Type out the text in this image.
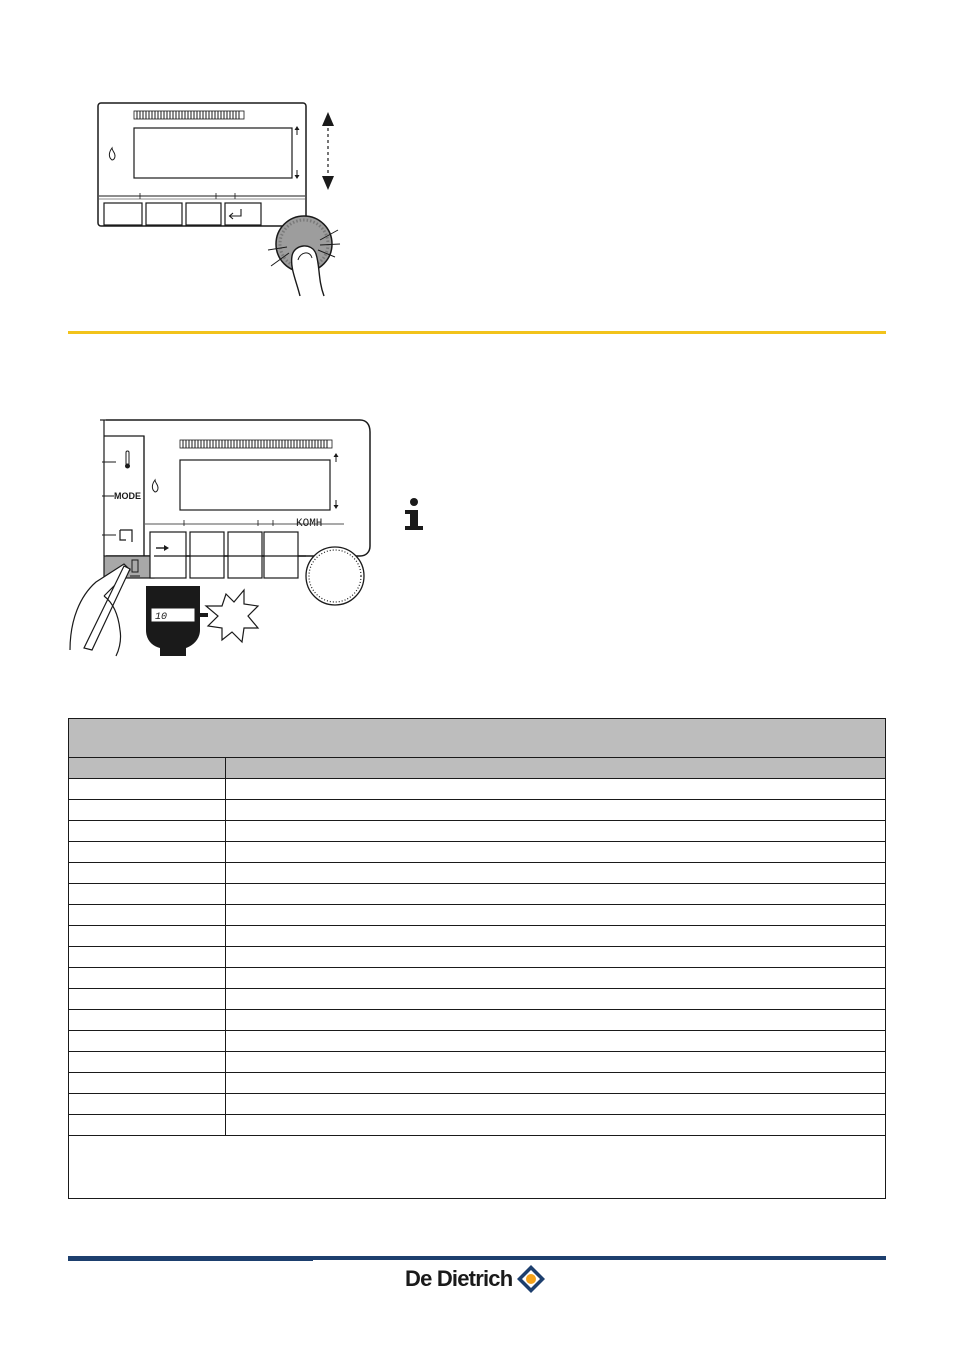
MODE
KOMH
10

De Dietrich
